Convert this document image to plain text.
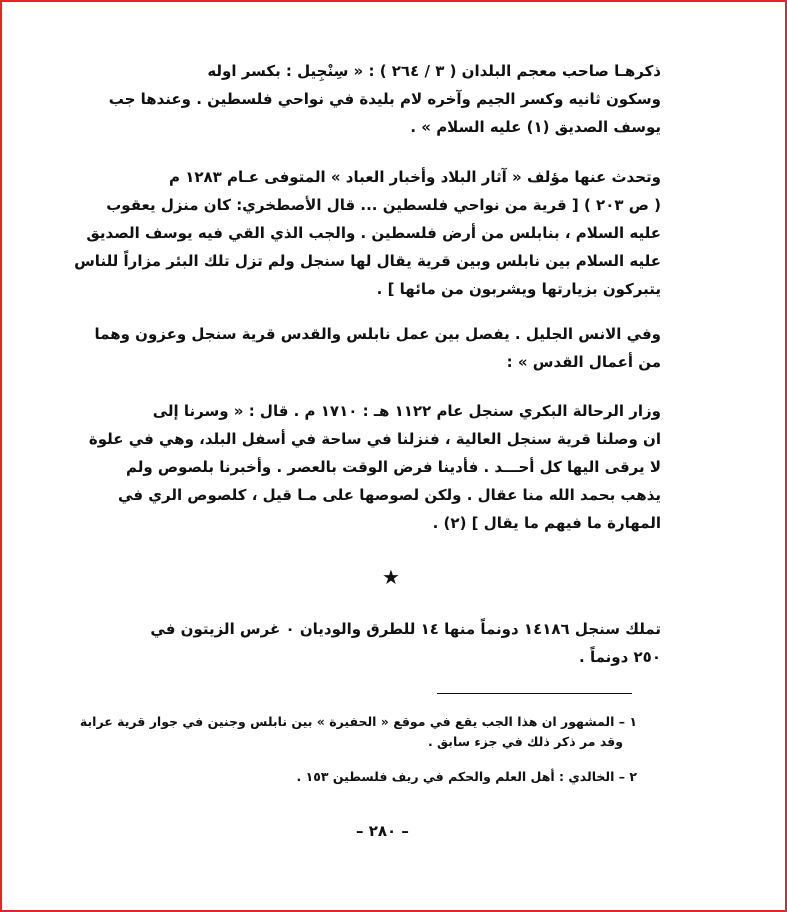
ذكرهـا صاحب معجم البلدان ( ٣ / ٢٦٤ ) : « سِنْجِيل : بكسر اوله
وسكون ثانيه وكسر الجيم وآخره لام بليدة في نواحي فلسطين . وعندها جب
يوسف الصديق (١) عليه السلام » .
وتحدث عنها مؤلف « آثار البلاد وأخبار العباد » المتوفى عـام ١٢٨٣ م
( ص ٢٠٣ ) [ قرية من نواحي فلسطين ... قال الأصطخري: كان منزل يعقوب
عليه السلام ، بنابلس من أرض فلسطين . والجب الذي القي فيه يوسف الصديق
عليه السلام بين نابلس وبين قرية يقال لها سنجل ولم تزل تلك البئر مزاراً للناس
يتبركون بزيارتها ويشربون من مائها ] .
وفي الانس الجليل . يفصل بين عمل نابلس والقدس قرية سنجل وعزون وهما
من أعمال القدس » :
وزار الرحالة البكري سنجل عام ١١٢٢ هـ : ١٧١٠ م . قال : « وسرنا إلى
ان وصلنا قرية سنجل العالية ، فنزلنا في ساحة في أسفل البلد، وهي في علوة
لا يرقى اليها كل أحـــد . فأدينا فرض الوقت بالعصر . وأخبرنا بلصوص ولم
يذهب بحمد الله منا عقال . ولكن لصوصها على مـا قيل ، كلصوص الري في
المهارة ما فيهم ما يقال ] (٢) .
★
تملك سنجل ١٤١٨٦ دونماً منها ١٤ للطرق والوديان ٠ غرس الزيتون في
٢٥٠ دونماً .
١ – المشهور ان هذا الجب يقع في موقع « الحفيرة » بين نابلس وجنين في جوار قرية عرابة
وقد مر ذكر ذلك في جزء سابق .
٢ – الخالدي : أهل العلم والحكم في ريف فلسطين ١٥٣ .
– ٢٨٠ –
